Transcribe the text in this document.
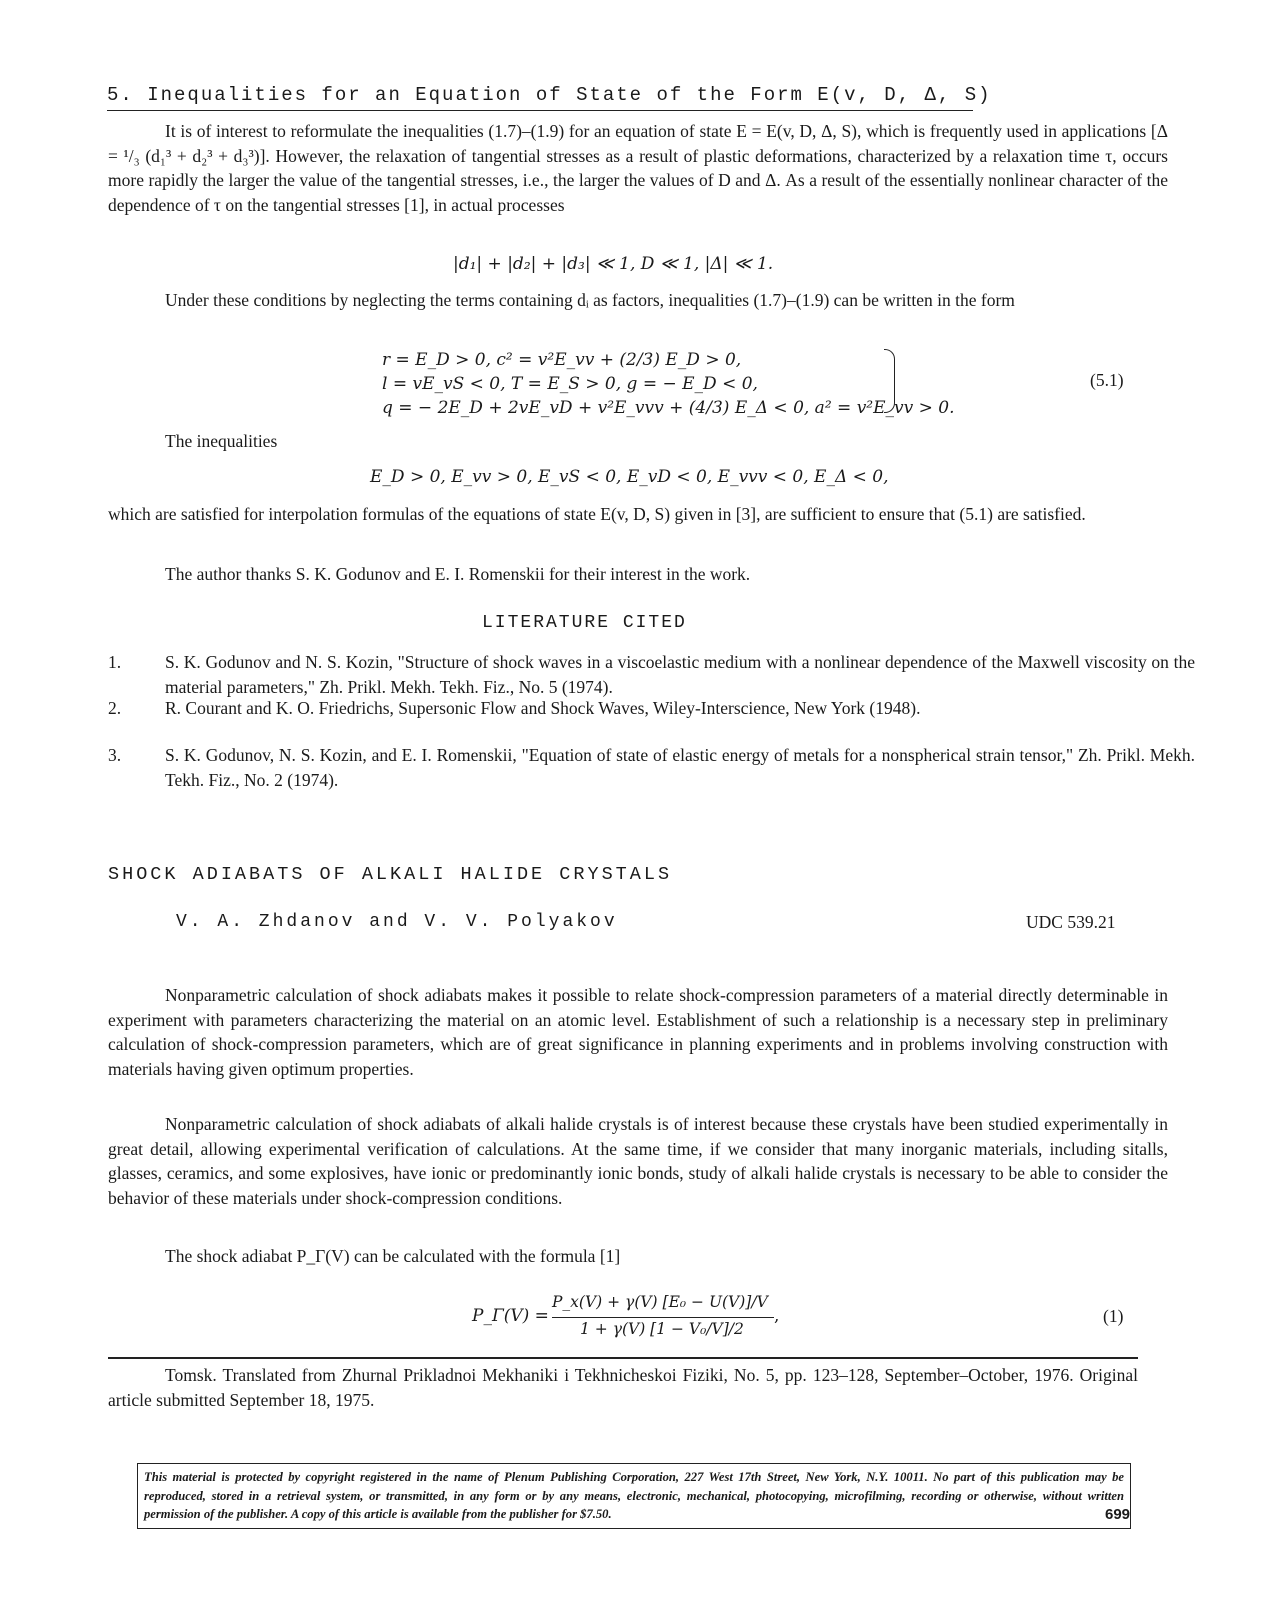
5. Inequalities for an Equation of State of the Form E(v, D, Δ, S)

It is of interest to reformulate the inequalities (1.7)–(1.9) for an equation of state E = E(v, D, Δ, S), which is frequently used in applications [Δ = ¹/₃ (d₁³ + d₂³ + d₃³)]. However, the relaxation of tangential stresses as a result of plastic deformations, characterized by a relaxation time τ, occurs more rapidly the larger the value of the tangential stresses, i.e., the larger the values of D and Δ. As a result of the essentially nonlinear character of the dependence of τ on the tangential stresses [1], in actual processes

|d₁| + |d₂| + |d₃| ≪ 1, D ≪ 1, |Δ| ≪ 1.

Under these conditions by neglecting the terms containing dᵢ as factors, inequalities (1.7)–(1.9) can be written in the form

r = E_D > 0, c² = v²E_vv + (2/3) E_D > 0,
l = vE_vS < 0, T = E_S > 0, g = − E_D < 0,
q = − 2E_D + 2vE_vD + v²E_vvv + (4/3) E_Δ < 0, a² = v²E_vv > 0.
(5.1)
The inequalities
E_D > 0, E_vv > 0, E_vS < 0, E_vD < 0, E_vvv < 0, E_Δ < 0,

which are satisfied for interpolation formulas of the equations of state E(v, D, S) given in [3], are sufficient to ensure that (5.1) are satisfied.

The author thanks S. K. Godunov and E. I. Romenskii for their interest in the work.
LITERATURE CITED
1.	S. K. Godunov and N. S. Kozin, "Structure of shock waves in a viscoelastic medium with a nonlinear dependence of the Maxwell viscosity on the material parameters," Zh. Prikl. Mekh. Tekh. Fiz., No. 5 (1974).
2.	R. Courant and K. O. Friedrichs, Supersonic Flow and Shock Waves, Wiley-Interscience, New York (1948).
3.	S. K. Godunov, N. S. Kozin, and E. I. Romenskii, "Equation of state of elastic energy of metals for a nonspherical strain tensor," Zh. Prikl. Mekh. Tekh. Fiz., No. 2 (1974).
SHOCK ADIABATS OF ALKALI HALIDE CRYSTALS
V. A. Zhdanov and V. V. Polyakov	UDC 539.21

Nonparametric calculation of shock adiabats makes it possible to relate shock-compression parameters of a material directly determinable in experiment with parameters characterizing the material on an atomic level. Establishment of such a relationship is a necessary step in preliminary calculation of shock-compression parameters, which are of great significance in planning experiments and in problems involving construction with materials having given optimum properties.

Nonparametric calculation of shock adiabats of alkali halide crystals is of interest because these crystals have been studied experimentally in great detail, allowing experimental verification of calculations. At the same time, if we consider that many inorganic materials, including sitalls, glasses, ceramics, and some explosives, have ionic or predominantly ionic bonds, study of alkali halide crystals is necessary to be able to consider the behavior of these materials under shock-compression conditions.

The shock adiabat P_Γ(V) can be calculated with the formula [1]
P_Γ(V) =
P_x(V) + γ(V) [E₀ − U(V)]/V
1 + γ(V) [1 − V₀/V]/2
,	(1)

Tomsk. Translated from Zhurnal Prikladnoi Mekhaniki i Tekhnicheskoi Fiziki, No. 5, pp. 123–128, September–October, 1976. Original article submitted September 18, 1975.

This material is protected by copyright registered in the name of Plenum Publishing Corporation, 227 West 17th Street, New York, N.Y. 10011. No part of this publication may be reproduced, stored in a retrieval system, or transmitted, in any form or by any means, electronic, mechanical, photocopying, microfilming, recording or otherwise, without written permission of the publisher. A copy of this article is available from the publisher for $7.50.	699
